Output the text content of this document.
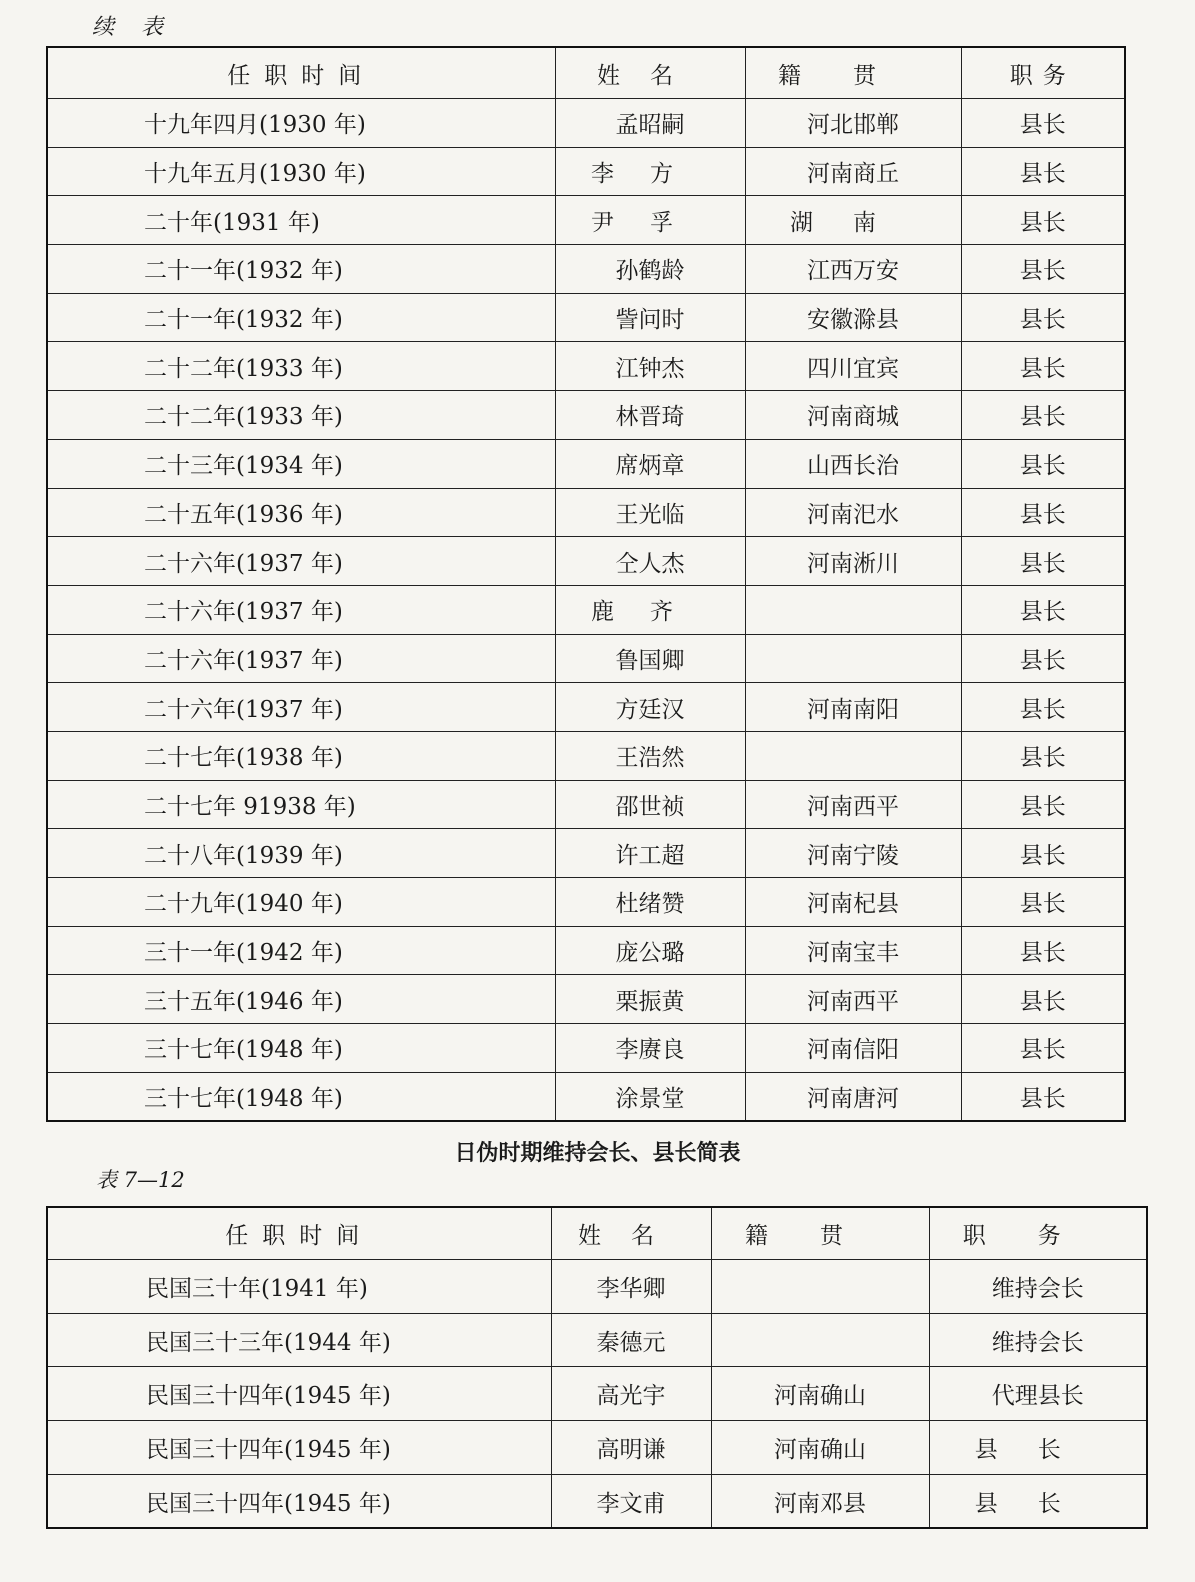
续 表
任职时间	姓名	籍贯	职务
十九年四月(1930 年)	孟昭嗣	河北邯郸	县长
十九年五月(1930 年)	李方	河南商丘	县长
二十年(1931 年)	尹孚	湖南	县长
二十一年(1932 年)	孙鹤龄	江西万安	县长
二十一年(1932 年)	訾问时	安徽滁县	县长
二十二年(1933 年)	江钟杰	四川宜宾	县长
二十二年(1933 年)	林晋琦	河南商城	县长
二十三年(1934 年)	席炳章	山西长治	县长
二十五年(1936 年)	王光临	河南汜水	县长
二十六年(1937 年)	仝人杰	河南淅川	县长
二十六年(1937 年)	鹿齐		县长
二十六年(1937 年)	鲁国卿		县长
二十六年(1937 年)	方廷汉	河南南阳	县长
二十七年(1938 年)	王浩然		县长
二十七年 91938 年)	邵世祯	河南西平	县长
二十八年(1939 年)	许工超	河南宁陵	县长
二十九年(1940 年)	杜绪赞	河南杞县	县长
三十一年(1942 年)	庞公璐	河南宝丰	县长
三十五年(1946 年)	栗振黄	河南西平	县长
三十七年(1948 年)	李赓良	河南信阳	县长
三十七年(1948 年)	涂景堂	河南唐河	县长
日伪时期维持会长、县长简表
表 7—12
任职时间	姓名	籍贯	职务
民国三十年(1941 年)	李华卿		维持会长
民国三十三年(1944 年)	秦德元		维持会长
民国三十四年(1945 年)	高光宇	河南确山	代理县长
民国三十四年(1945 年)	高明谦	河南确山	县长
民国三十四年(1945 年)	李文甫	河南邓县	县长
